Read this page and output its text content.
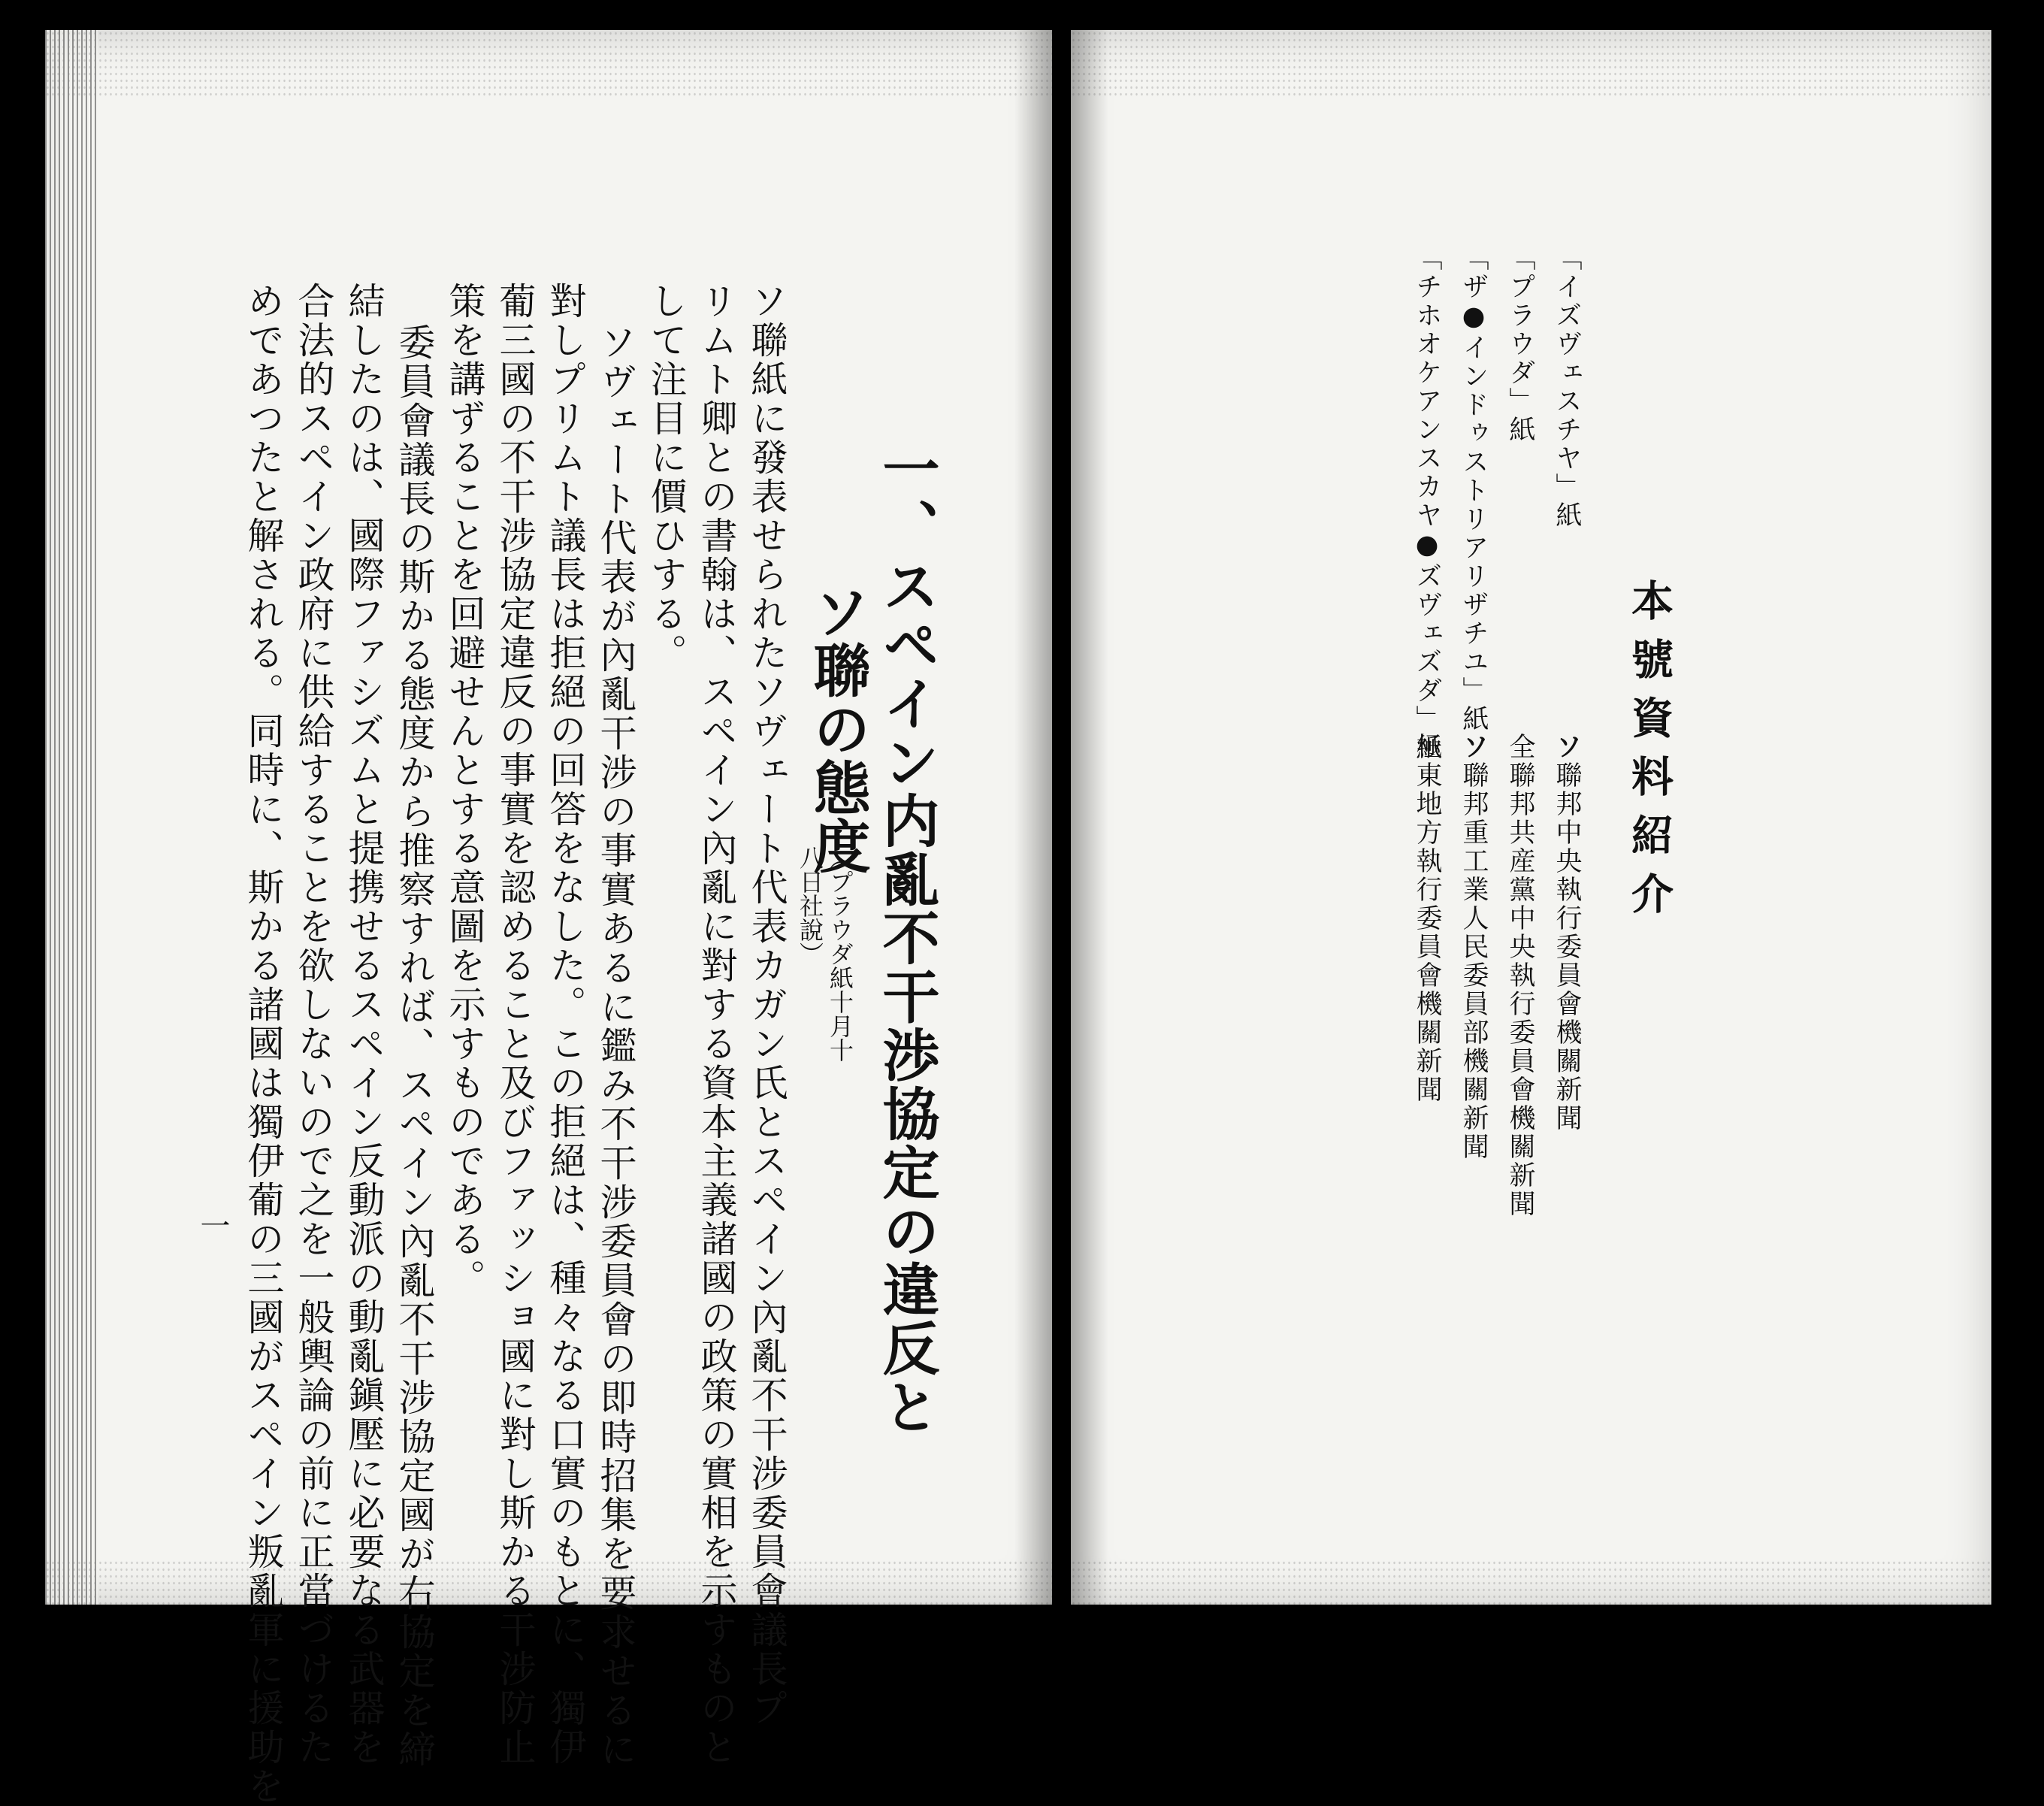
一、スペイン内亂不干渉協定の違反と
ソ聯の態度
（プラウダ紙十月十八日社說）
ソ聯紙に發表せられたソヴェート代表カガン氏とスペイン內亂不干涉委員會議長プ
リムト卿との書翰は、スペイン內亂に對する資本主義諸國の政策の實相を示すものと
して注目に價ひする。
ソヴェート代表が內亂干涉の事實あるに鑑み不干涉委員會の即時招集を要求せるに
對しプリムト議長は拒絕の回答をなした。この拒絕は、種々なる口實のもとに、獨伊
葡三國の不干涉協定違反の事實を認めること及びファッショ國に對し斯かる干涉防止
策を講ずることを回避せんとする意圖を示すものである。
委員會議長の斯かる態度から推察すれば、スペイン內亂不干涉協定國が右協定を締
結したのは、國際ファシズムと提携せるスペイン反動派の動亂鎭壓に必要なる武器を
合法的スペイン政府に供給することを欲しないので之を一般輿論の前に正當づけるた
めであつたと解される。同時に、斯かる諸國は獨伊葡の三國がスペイン叛亂軍に援助を
一
本號資料紹介
「イズヴェスチヤ」紙
「プラウダ」紙
「ザ●インドゥストリアリザチユ」紙
「チホオケアンスカヤ●ズヴェズダ」紙	ソ聯邦中央執行委員會機關新聞
全聯邦共産黨中央執行委員會機關新聞
ソ聯邦重工業人民委員部機關新聞
極東地方執行委員會機關新聞
